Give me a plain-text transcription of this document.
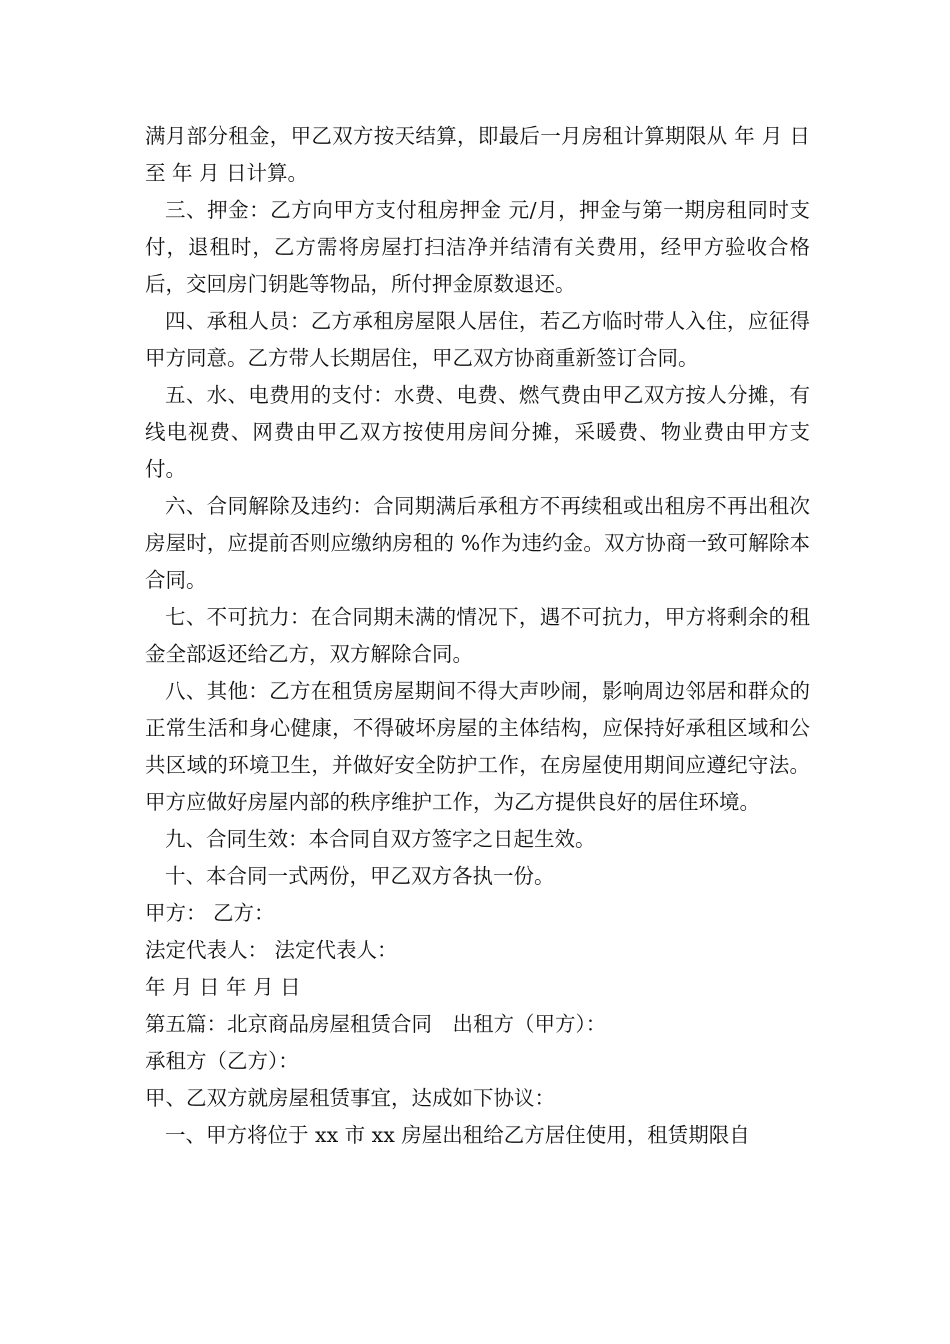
满月部分租金，甲乙双方按天结算，即最后一月房租计算期限从 年 月 日至 年 月 日计算。

三、押金：乙方向甲方支付租房押金 元/月，押金与第一期房租同时支付，退租时，乙方需将房屋打扫洁净并结清有关费用，经甲方验收合格后，交回房门钥匙等物品，所付押金原数退还。

四、承租人员：乙方承租房屋限人居住，若乙方临时带人入住，应征得甲方同意。乙方带人长期居住，甲乙双方协商重新签订合同。

五、水、电费用的支付：水费、电费、燃气费由甲乙双方按人分摊，有线电视费、网费由甲乙双方按使用房间分摊，采暖费、物业费由甲方支付。

六、合同解除及违约：合同期满后承租方不再续租或出租房不再出租次房屋时，应提前否则应缴纳房租的 %作为违约金。双方协商一致可解除本合同。

七、不可抗力：在合同期未满的情况下，遇不可抗力，甲方将剩余的租金全部返还给乙方，双方解除合同。

八、其他：乙方在租赁房屋期间不得大声吵闹，影响周边邻居和群众的正常生活和身心健康，不得破坏房屋的主体结构，应保持好承租区域和公共区域的环境卫生，并做好安全防护工作，在房屋使用期间应遵纪守法。甲方应做好房屋内部的秩序维护工作，为乙方提供良好的居住环境。

九、合同生效：本合同自双方签字之日起生效。

十、本合同一式两份，甲乙双方各执一份。

甲方： 乙方：

法定代表人： 法定代表人：

年 月 日 年 月 日

第五篇：北京商品房屋租赁合同　出租方（甲方）：

承租方（乙方）：

甲、乙双方就房屋租赁事宜，达成如下协议：

一、甲方将位于 xx 市 xx 房屋出租给乙方居住使用，租赁期限自
